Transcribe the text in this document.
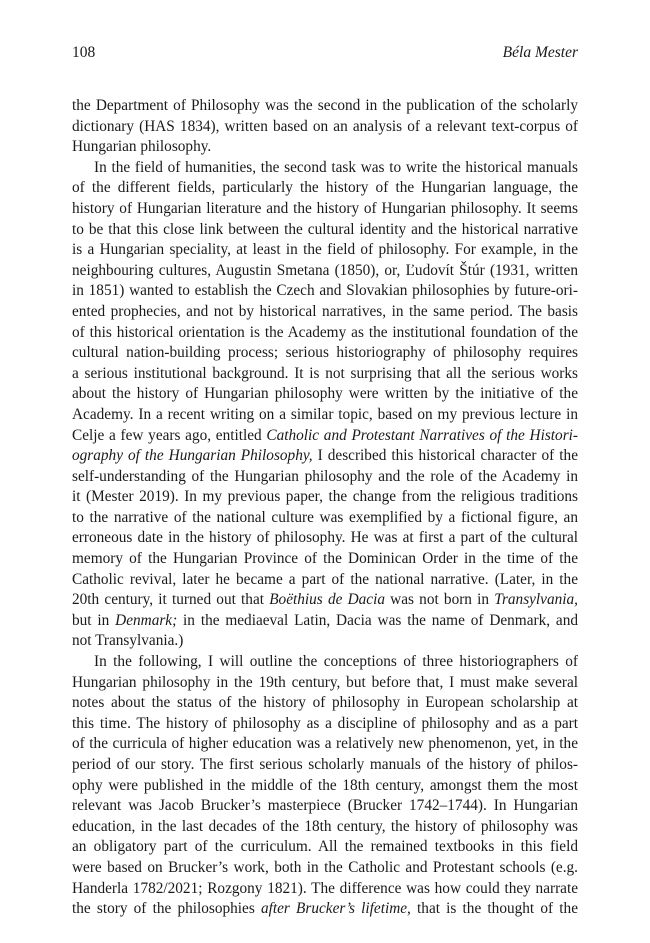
108	Béla Mester

the Department of Philosophy was the second in the publication of the scholarly
dictionary (HAS 1834), written based on an analysis of a relevant text-corpus of
Hungarian philosophy.

In the field of humanities, the second task was to write the historical manuals
of the different fields, particularly the history of the Hungarian language, the
history of Hungarian literature and the history of Hungarian philosophy. It seems
to be that this close link between the cultural identity and the historical narrative
is a Hungarian speciality, at least in the field of philosophy. For example, in the
neighbouring cultures, Augustin Smetana (1850), or, Ľudovít Štúr (1931, written
in 1851) wanted to establish the Czech and Slovakian philosophies by future-ori-
ented prophecies, and not by historical narratives, in the same period. The basis
of this historical orientation is the Academy as the institutional foundation of the
cultural nation-building process; serious historiography of philosophy requires
a serious institutional background. It is not surprising that all the serious works
about the history of Hungarian philosophy were written by the initiative of the
Academy. In a recent writing on a similar topic, based on my previous lecture in
Celje a few years ago, entitled Catholic and Protestant Narratives of the Histori-
ography of the Hungarian Philosophy, I described this historical character of the
self-understanding of the Hungarian philosophy and the role of the Academy in
it (Mester 2019). In my previous paper, the change from the religious traditions
to the narrative of the national culture was exemplified by a fictional figure, an
erroneous date in the history of philosophy. He was at first a part of the cultural
memory of the Hungarian Province of the Dominican Order in the time of the
Catholic revival, later he became a part of the national narrative. (Later, in the
20th century, it turned out that Boëthius de Dacia was not born in Transylvania,
but in Denmark; in the mediaeval Latin, Dacia was the name of Denmark, and
not Transylvania.)

In the following, I will outline the conceptions of three historiographers of
Hungarian philosophy in the 19th century, but before that, I must make several
notes about the status of the history of philosophy in European scholarship at
this time. The history of philosophy as a discipline of philosophy and as a part
of the curricula of higher education was a relatively new phenomenon, yet, in the
period of our story. The first serious scholarly manuals of the history of philos-
ophy were published in the middle of the 18th century, amongst them the most
relevant was Jacob Brucker’s masterpiece (Brucker 1742–1744). In Hungarian
education, in the last decades of the 18th century, the history of philosophy was
an obligatory part of the curriculum. All the remained textbooks in this field
were based on Brucker’s work, both in the Catholic and Protestant schools (e.g.
Handerla 1782/2021; Rozgony 1821). The difference was how could they narrate
the story of the philosophies after Brucker’s lifetime, that is the thought of the
